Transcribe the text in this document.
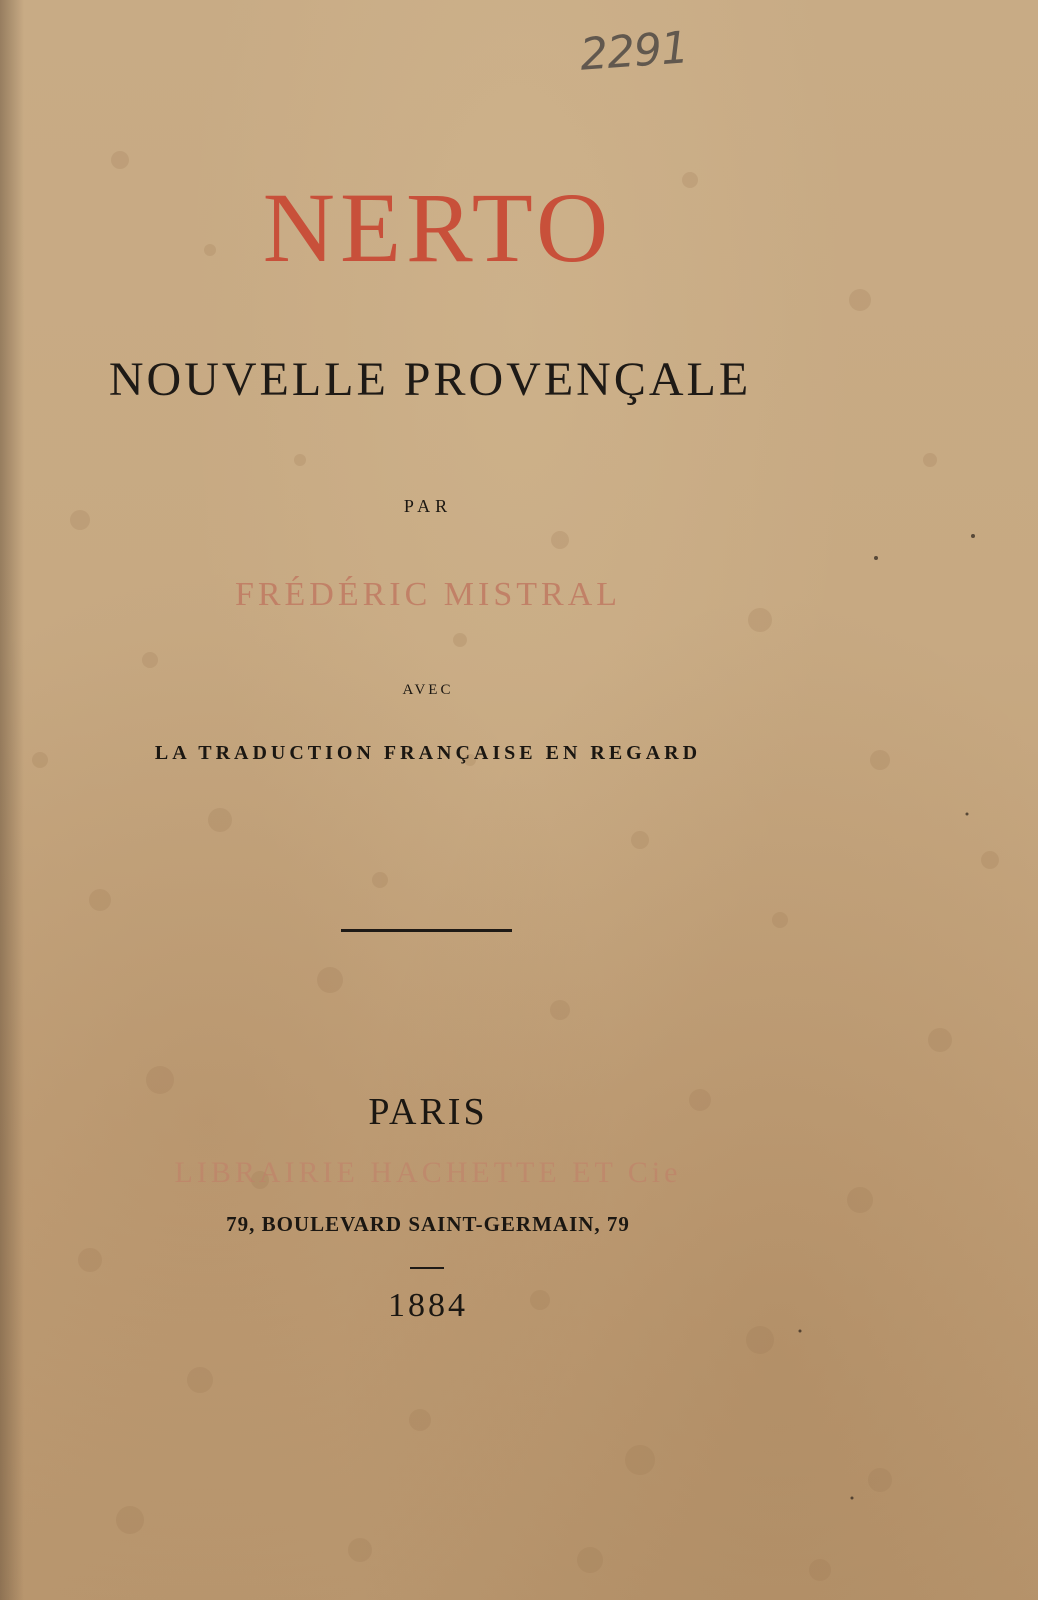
2291
NERTO
NOUVELLE PROVENÇALE
PAR
FRÉDÉRIC MISTRAL
AVEC
LA TRADUCTION FRANÇAISE EN REGARD
PARIS
LIBRAIRIE HACHETTE ET Cie
79, BOULEVARD SAINT-GERMAIN, 79
1884
